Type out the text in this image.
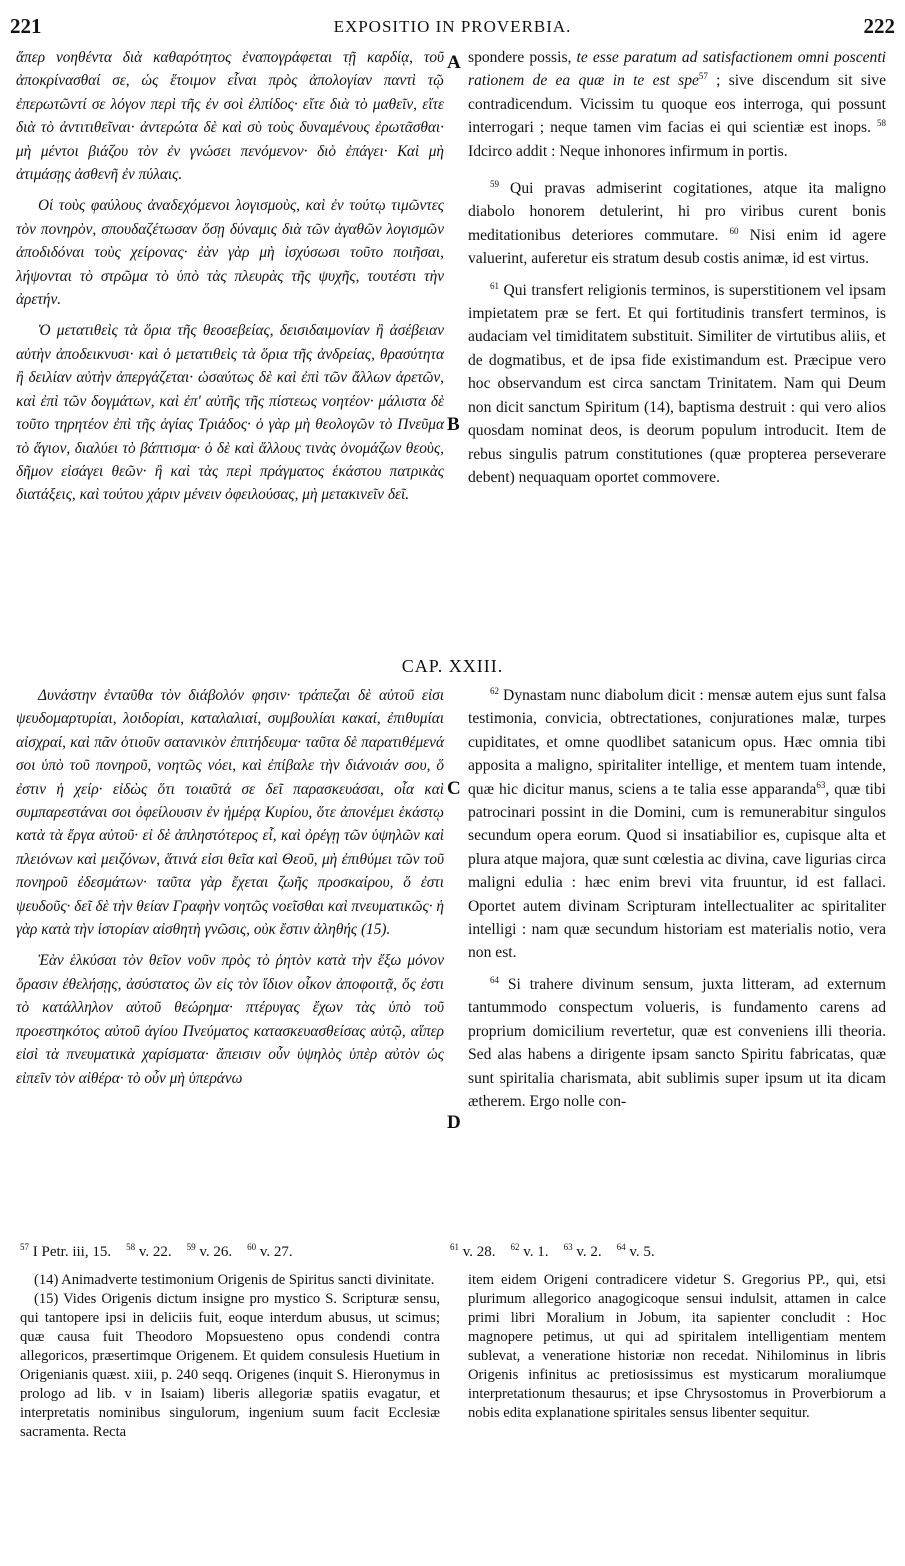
221	EXPOSITIO IN PROVERBIA.	222
A
B
C
D

ἅπερ νοηθέντα διὰ καθαρότητος ἐναπογράφεται τῇ καρδίᾳ, τοῦ ἀποκρίνασθαί σε, ὡς ἕτοιμον εἶναι πρὸς ἀπολογίαν παντὶ τῷ ἐπερωτῶντί σε λόγον περὶ τῆς ἐν σοὶ ἐλπίδος· εἴτε διὰ τὸ μαθεῖν, εἴτε διὰ τὸ ἀντιτιθεῖναι· ἀντερώτα δὲ καὶ σὺ τοὺς δυναμένους ἐρωτᾶσθαι· μὴ μέντοι βιάζου τὸν ἐν γνώσει πενόμενον· διὸ ἐπάγει· Καὶ μὴ ἀτιμάσῃς ἀσθενῆ ἐν πύλαις.

Οἱ τοὺς φαύλους ἀναδεχόμενοι λογισμοὺς, καὶ ἐν τούτῳ τιμῶντες τὸν πονηρὸν, σπουδαζέτωσαν ὅσῃ δύναμις διὰ τῶν ἀγαθῶν λογισμῶν ἀποδιδόναι τοὺς χείρονας· ἐὰν γὰρ μὴ ἰσχύσωσι τοῦτο ποιῆσαι, λήψονται τὸ στρῶμα τὸ ὑπὸ τὰς πλευρὰς τῆς ψυχῆς, τουτέστι τὴν ἀρετήν.

Ὁ μετατιθεὶς τὰ ὅρια τῆς θεοσεβείας, δεισιδαιμονίαν ἢ ἀσέβειαν αὐτὴν ἀποδεικνυσι· καὶ ὁ μετατιθεὶς τὰ ὅρια τῆς ἀνδρείας, θρασύτητα ἢ δειλίαν αὐτὴν ἀπεργάζεται· ὡσαύτως δὲ καὶ ἐπὶ τῶν ἄλλων ἀρετῶν, καὶ ἐπὶ τῶν δογμάτων, καὶ ἐπ' αὐτῆς τῆς πίστεως νοητέον· μάλιστα δὲ τοῦτο τηρητέον ἐπὶ τῆς ἁγίας Τριάδος· ὁ γὰρ μὴ θεολογῶν τὸ Πνεῦμα τὸ ἅγιον, διαλύει τὸ βάπτισμα· ὁ δὲ καὶ ἄλλους τινὰς ὀνομάζων θεοὺς, δῆμον εἰσάγει θεῶν· ἢ καὶ τὰς περὶ πράγματος ἑκάστου πατρικὰς διατάξεις, καὶ τούτου χάριν μένειν ὀφειλούσας, μὴ μετακινεῖν δεῖ.

spondere possis, te esse paratum ad satisfactionem omni poscenti rationem de ea quæ in te est spe$^{57}$ ; sive discendum sit sive contradicendum. Vicissim tu quoque eos interroga, qui possunt interrogari ; neque tamen vim facias ei qui scientiæ est inops. $^{58}$ Idcirco addit : Neque inhonores infirmum in portis.

$^{59}$ Qui pravas admiserint cogitationes, atque ita maligno diabolo honorem detulerint, hi pro viribus curent bonis meditationibus deteriores commutare. $^{60}$ Nisi enim id agere valuerint, auferetur eis stratum desub costis animæ, id est virtus.

$^{61}$ Qui transfert religionis terminos, is superstitionem vel ipsam impietatem præ se fert. Et qui fortitudinis transfert terminos, is audaciam vel timiditatem substituit. Similiter de virtutibus aliis, et de dogmatibus, et de ipsa fide existimandum est. Præcipue vero hoc observandum est circa sanctam Trinitatem. Nam qui Deum non dicit sanctum Spiritum (14), baptisma destruit : qui vero alios quosdam nominat deos, is deorum populum introducit. Item de rebus singulis patrum constitutiones (quæ propterea perseverare debent) nequaquam oportet commovere.

CAP. XXIII.

Δυνάστην ἐνταῦθα τὸν διάβολόν φησιν· τράπεζαι δὲ αὐτοῦ εἰσι ψευδομαρτυρίαι, λοιδορίαι, καταλαλιαί, συμβουλίαι κακαί, ἐπιθυμίαι αἰσχραί, καὶ πᾶν ὁτιοῦν σατανικὸν ἐπιτήδευμα· ταῦτα δὲ παρατιθέμενά σοι ὑπὸ τοῦ πονηροῦ, νοητῶς νόει, καὶ ἐπίβαλε τὴν διάνοιάν σου, ὅ ἐστιν ἡ χείρ· εἰδὼς ὅτι τοιαῦτά σε δεῖ παρασκευάσαι, οἷα καὶ συμπαρεστάναι σοι ὀφείλουσιν ἐν ἡμέρᾳ Κυρίου, ὅτε ἀπονέμει ἑκάστῳ κατὰ τὰ ἔργα αὐτοῦ· εἰ δὲ ἀπληστότερος εἶ, καὶ ὀρέγῃ τῶν ὑψηλῶν καὶ πλειόνων καὶ μειζόνων, ἅτινά εἰσι θεῖα καὶ Θεοῦ, μὴ ἐπιθύμει τῶν τοῦ πονηροῦ ἐδεσμάτων· ταῦτα γὰρ ἔχεται ζωῆς προσκαίρου, ὅ ἐστι ψευδοῦς· δεῖ δὲ τὴν θείαν Γραφὴν νοητῶς νοεῖσθαι καὶ πνευματικῶς· ἡ γὰρ κατὰ τὴν ἱστορίαν αἰσθητὴ γνῶσις, οὐκ ἔστιν ἀληθής (15).

Ἐὰν ἑλκύσαι τὸν θεῖον νοῦν πρὸς τὸ ῥητὸν κατὰ τὴν ἔξω μόνον ὅρασιν ἐθελήσῃς, ἀσύστατος ὢν εἰς τὸν ἴδιον οἶκον ἀποφοιτᾷ, ὅς ἐστι τὸ κατάλληλον αὐτοῦ θεώρημα· πτέρυγας ἔχων τὰς ὑπὸ τοῦ προεστηκότος αὐτοῦ ἁγίου Πνεύματος κατασκευασθείσας αὐτῷ, αἵπερ εἰσὶ τὰ πνευματικὰ χαρίσματα· ἄπεισιν οὖν ὑψηλὸς ὑπὲρ αὐτὸν ὡς εἰπεῖν τὸν αἰθέρα· τὸ οὖν μὴ ὑπεράνω

$^{62}$ Dynastam nunc diabolum dicit : mensæ autem ejus sunt falsa testimonia, convicia, obtrectationes, conjurationes malæ, turpes cupiditates, et omne quodlibet satanicum opus. Hæc omnia tibi apposita a maligno, spiritaliter intellige, et mentem tuam intende, quæ hic dicitur manus, sciens a te talia esse apparanda$^{63}$, quæ tibi patrocinari possint in die Domini, cum is remunerabitur singulos secundum opera eorum. Quod si insatiabilior es, cupisque alta et plura atque majora, quæ sunt cœlestia ac divina, cave ligurias circa maligni edulia : hæc enim brevi vita fruuntur, id est fallaci. Oportet autem divinam Scripturam intellectualiter ac spiritaliter intelligi : nam quæ secundum historiam est materialis notio, vera non est.

$^{64}$ Si trahere divinum sensum, juxta litteram, ad externum tantummodo conspectum volueris, is fundamento carens ad proprium domicilium revertetur, quæ est conveniens illi theoria. Sed alas habens a dirigente ipsam sancto Spiritu fabricatas, quæ sunt spiritalia charismata, abit sublimis super ipsum ut ita dicam ætherem. Ergo nolle con-

$^{57}$ I Petr. iii, 15. $^{58}$ v. 22. $^{59}$ v. 26. $^{60}$ v. 27.	$^{61}$ v. 28. $^{62}$ v. 1. $^{63}$ v. 2. $^{64}$ v. 5.

(14) Animadverte testimonium Origenis de Spiritus sancti divinitate.

(15) Vides Origenis dictum insigne pro mystico S. Scripturæ sensu, qui tantopere ipsi in deliciis fuit, eoque interdum abusus, ut scimus; quæ causa fuit Theodoro Mopsuesteno opus condendi contra allegoricos, præsertimque Origenem. Et quidem consulesis Huetium in Origenianis quæst. xiii, p. 240 seqq. Origenes (inquit S. Hieronymus in prologo ad lib. v in Isaiam) liberis allegoriæ spatiis evagatur, et interpretatis nominibus singulorum, ingenium suum facit Ecclesiæ sacramenta. Recta

item eidem Origeni contradicere videtur S. Gregorius PP., qui, etsi plurimum allegorico anagogicoque sensui indulsit, attamen in calce primi libri Moralium in Jobum, ita sapienter concludit : Hoc magnopere petimus, ut qui ad spiritalem intelligentiam mentem sublevat, a veneratione historiæ non recedat. Nihilominus in libris Origenis infinitus ac pretiosissimus est mysticarum moraliumque interpretationum thesaurus; et ipse Chrysostomus in Proverbiorum a nobis edita explanatione spiritales sensus libenter sequitur.
